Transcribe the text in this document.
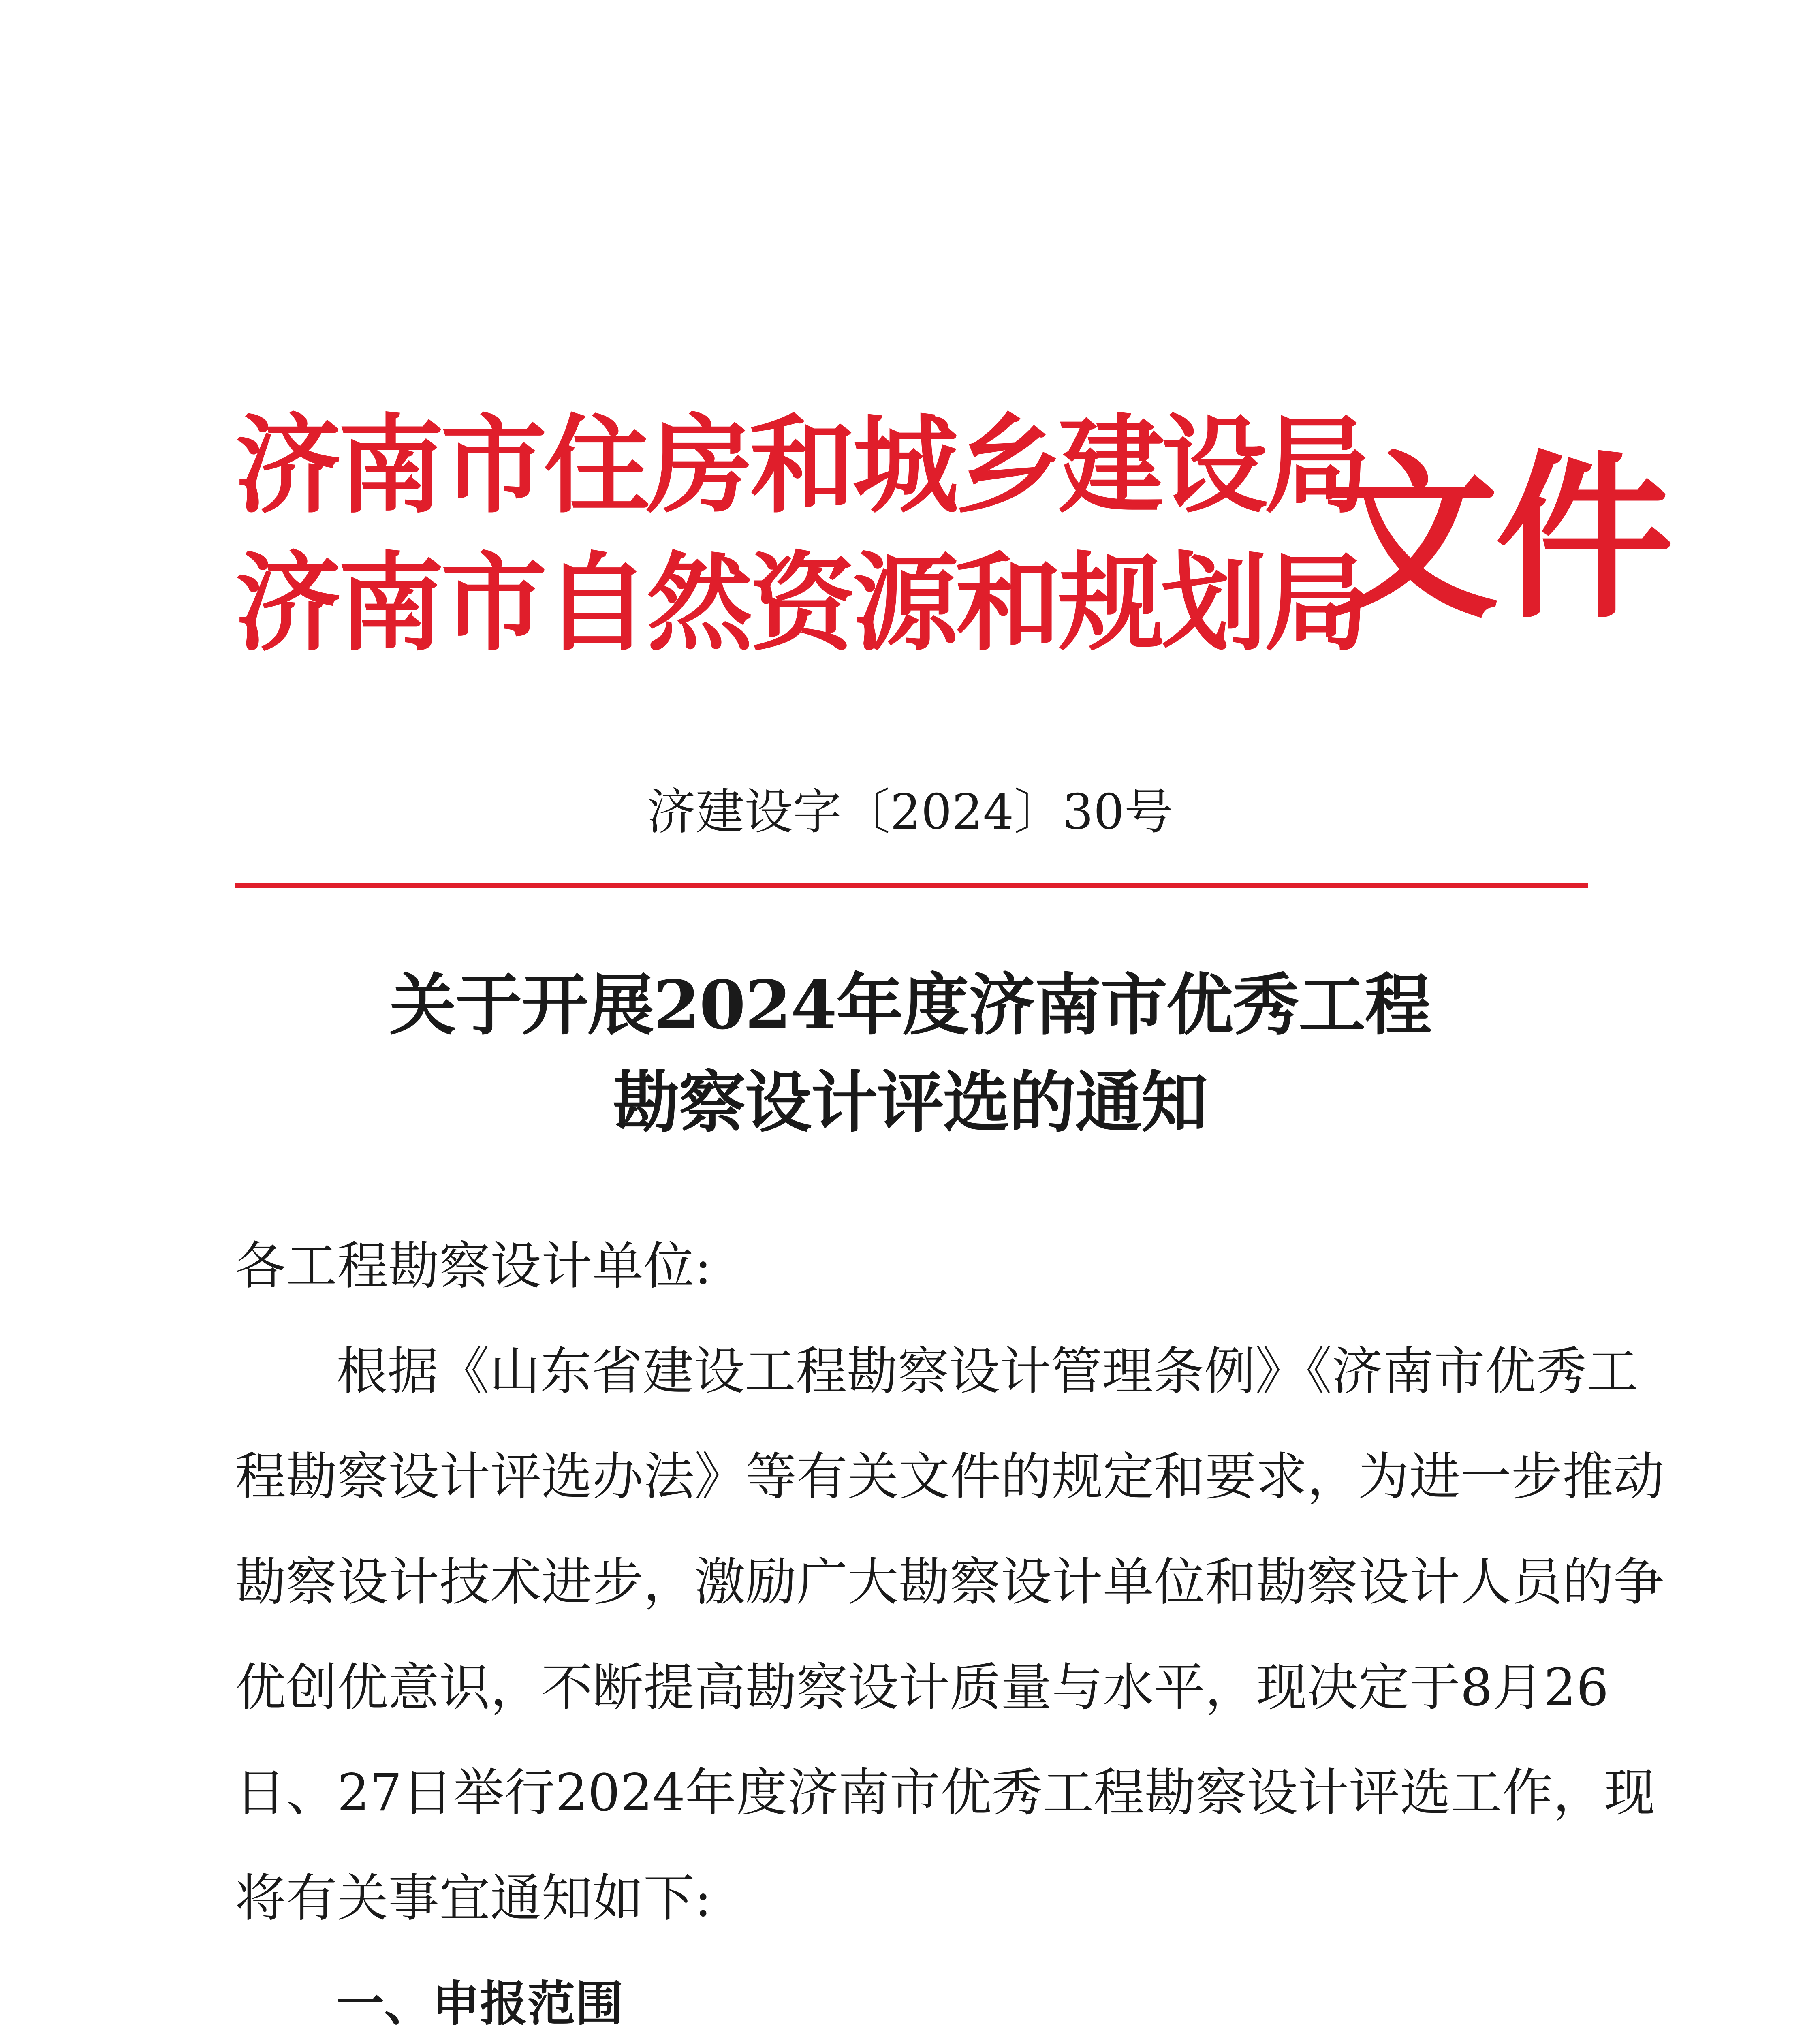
济南市住房和城乡建设局
济南市自然资源和规划局
文件
济建设字〔2024〕30号
关于开展2024年度济南市优秀工程
勘察设计评选的通知
各工程勘察设计单位:
根据《山东省建设工程勘察设计管理条例》《济南市优秀工
程勘察设计评选办法》等有关文件的规定和要求，为进一步推动
勘察设计技术进步，激励广大勘察设计单位和勘察设计人员的争
优创优意识，不断提高勘察设计质量与水平，现决定于8月26
日、27日举行2024年度济南市优秀工程勘察设计评选工作，现
将有关事宜通知如下:
一、申报范围
